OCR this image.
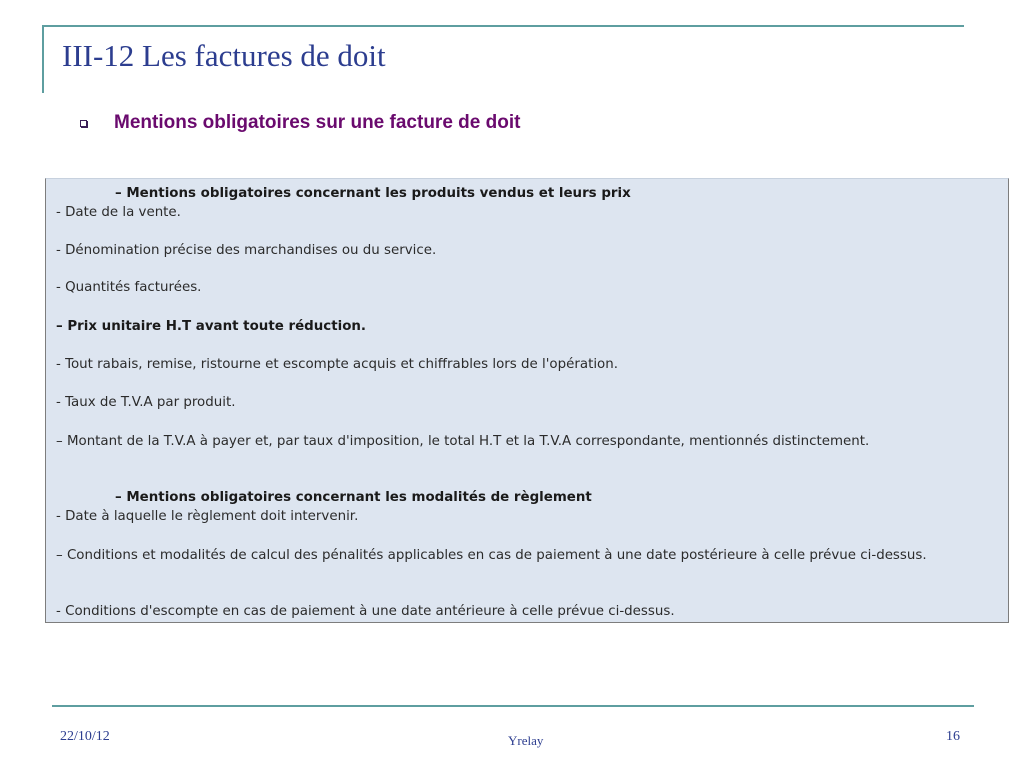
III-12 Les factures de doit
Mentions obligatoires sur une facture de doit
– Mentions obligatoires concernant les produits vendus et leurs prix
- Date de la vente.
- Dénomination précise des marchandises ou du service.
- Quantités facturées.
– Prix unitaire H.T avant toute réduction.
- Tout rabais, remise, ristourne et escompte acquis et chiffrables lors de l'opération.
- Taux de T.V.A par produit.
– Montant de la T.V.A à payer et, par taux d'imposition, le total H.T et la T.V.A correspondante, mentionnés distinctement.
– Mentions obligatoires concernant les modalités de règlement
- Date à laquelle le règlement doit intervenir.
– Conditions et modalités de calcul des pénalités applicables en cas de paiement à une date postérieure à celle prévue ci-dessus.
- Conditions d'escompte en cas de paiement à une date antérieure à celle prévue ci-dessus.
22/10/12	Yrelay	16
